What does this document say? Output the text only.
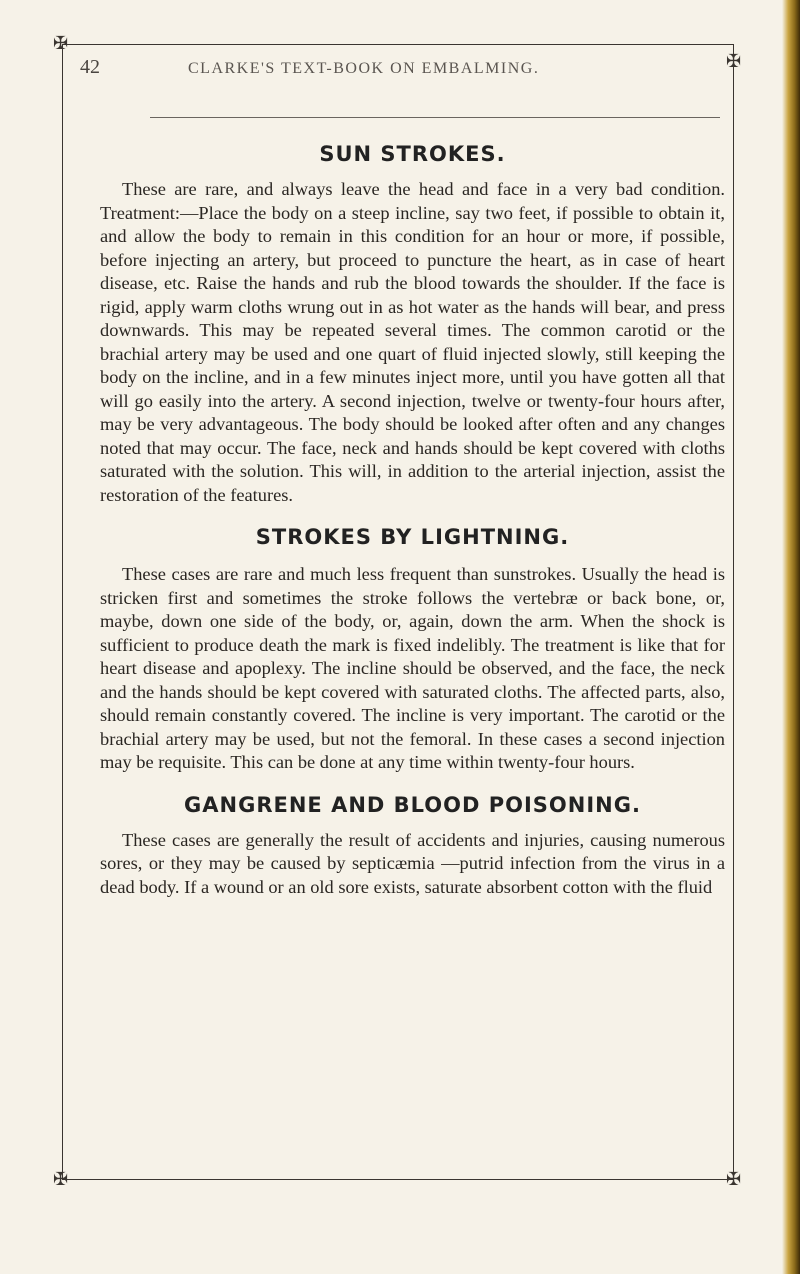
✠
✠
✠	✠
42	CLARKE'S TEXT-BOOK ON EMBALMING.
SUN STROKES.

These are rare, and always leave the head and face in a very bad condition. Treatment:—Place the body on a steep incline, say two feet, if possible to obtain it, and allow the body to remain in this condition for an hour or more, if possible, before injecting an artery, but proceed to puncture the heart, as in case of heart disease, etc. Raise the hands and rub the blood towards the shoulder. If the face is rigid, apply warm cloths wrung out in as hot water as the hands will bear, and press downwards. This may be repeated several times. The common carotid or the brachial artery may be used and one quart of fluid injected slowly, still keeping the body on the incline, and in a few minutes inject more, until you have gotten all that will go easily into the artery. A second injection, twelve or twenty-four hours after, may be very advantageous. The body should be looked after often and any changes noted that may occur. The face, neck and hands should be kept covered with cloths saturated with the solution. This will, in addition to the arterial injection, assist the restoration of the features.

STROKES BY LIGHTNING.

These cases are rare and much less frequent than sunstrokes. Usually the head is stricken first and sometimes the stroke follows the vertebræ or back bone, or, maybe, down one side of the body, or, again, down the arm. When the shock is sufficient to produce death the mark is fixed indelibly. The treatment is like that for heart disease and apoplexy. The incline should be observed, and the face, the neck and the hands should be kept covered with saturated cloths. The affected parts, also, should remain constantly covered. The incline is very important. The carotid or the brachial artery may be used, but not the femoral. In these cases a second injection may be requisite. This can be done at any time within twenty-four hours.

GANGRENE AND BLOOD POISONING.

These cases are generally the result of accidents and injuries, causing numerous sores, or they may be caused by septicæmia —putrid infection from the virus in a dead body. If a wound or an old sore exists, saturate absorbent cotton with the fluid
